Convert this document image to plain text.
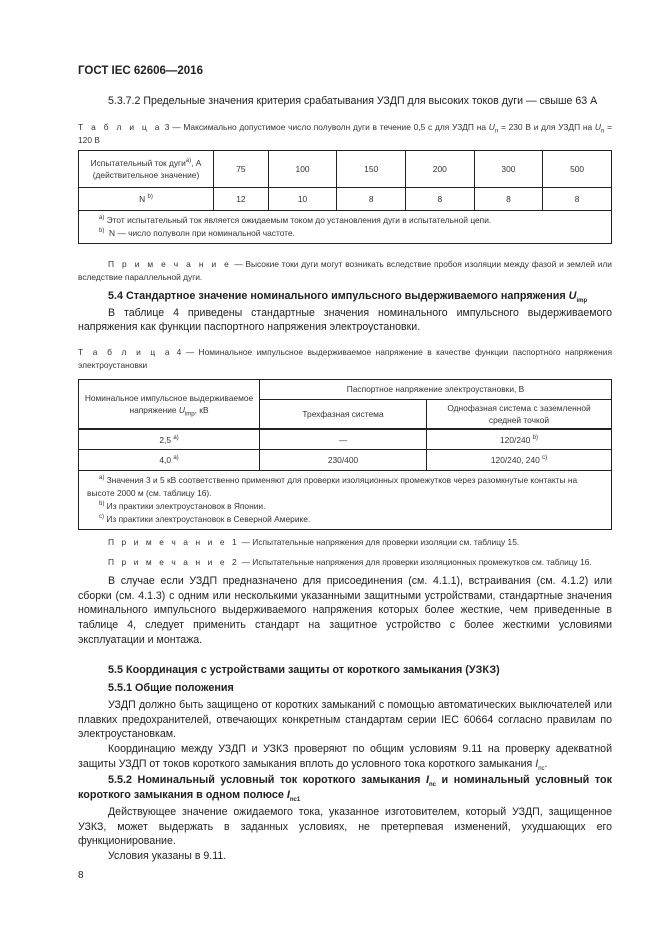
ГОСТ IEC 62606—2016

5.3.7.2 Предельные значения критерия срабатывания УЗДП для высоких токов дуги — свыше 63 А

Т а б л и ц а 3 — Максимально допустимое число полуволн дуги в течение 0,5 с для УЗДП на $U_n = 230$ В и для УЗДП на $U_n = 120$ В

Испытательный ток дуги$^{а)}$, А (действительное значение)	75	100	150	200	300	500
N $^{b)}$	12	10	8	8	8	8

$^{а)}$ Этот испытательный ток является ожидаемым током до установления дуги в испытательной цепи.
$^{b)}$ N — число полуволн при номинальной частоте.						

П р и м е ч а н и е — Высокие токи дуги могут возникать вследствие пробоя изоляции между фазой и землей или вследствие параллельной дуги.

5.4 Стандартное значение номинального импульсного выдерживаемого напряжения $U_{imp}$

В таблице 4 приведены стандартные значения номинального импульсного выдерживаемого напряжения как функции паспортного напряжения электроустановки.

Т а б л и ц а 4 — Номинальное импульсное выдерживаемое напряжение в качестве функции паспортного напряжения электроустановки

Номинальное импульсное выдерживаемое напряжение $U_{imp}$, кВ	Паспортное напряжение электроустановки, В	
	Трехфазная система	Однофазная система с заземленной средней точкой
2,5 $^{а)}$	—	120/240 $^{b)}$
4,0 $^{а)}$	230/400	120/240, 240 $^{c)}$

$^{а)}$ Значения 3 и 5 кВ соответственно применяют для проверки изоляционных промежутков через разомкнутые контакты на высоте 2000 м (см. таблицу 16).
$^{b)}$ Из практики электроустановок в Японии.
$^{c)}$ Из практики электроустановок в Северной Америке.		

П р и м е ч а н и е 1 — Испытательные напряжения для проверки изоляции см. таблицу 15.

П р и м е ч а н и е 2 — Испытательные напряжения для проверки изоляционных промежутков см. таблицу 16.

В случае если УЗДП предназначено для присоединения (см. 4.1.1), встраивания (см. 4.1.2) или сборки (см. 4.1.3) с одним или несколькими указанными защитными устройствами, стандартные значения номинального импульсного выдерживаемого напряжения которых более жесткие, чем приведенные в таблице 4, следует применить стандарт на защитное устройство с более жесткими условиями эксплуатации и монтажа.

5.5 Координация с устройствами защиты от короткого замыкания (УЗКЗ)

5.5.1 Общие положения

УЗДП должно быть защищено от коротких замыканий с помощью автоматических выключателей или плавких предохранителей, отвечающих конкретным стандартам серии IEC 60664 согласно правилам по электроустановкам.

Координацию между УЗДП и УЗКЗ проверяют по общим условиям 9.11 на проверку адекватной защиты УЗДП от токов короткого замыкания вплоть до условного тока короткого замыкания $I_{nc}$.

5.5.2 Номинальный условный ток короткого замыкания $I_{nc}$ и номинальный условный ток короткого замыкания в одном полюсе $I_{nc1}$

Действующее значение ожидаемого тока, указанное изготовителем, который УЗДП, защищенное УЗКЗ, может выдержать в заданных условиях, не претерпевая изменений, ухудшающих его функционирование.

Условия указаны в 9.11.

8
